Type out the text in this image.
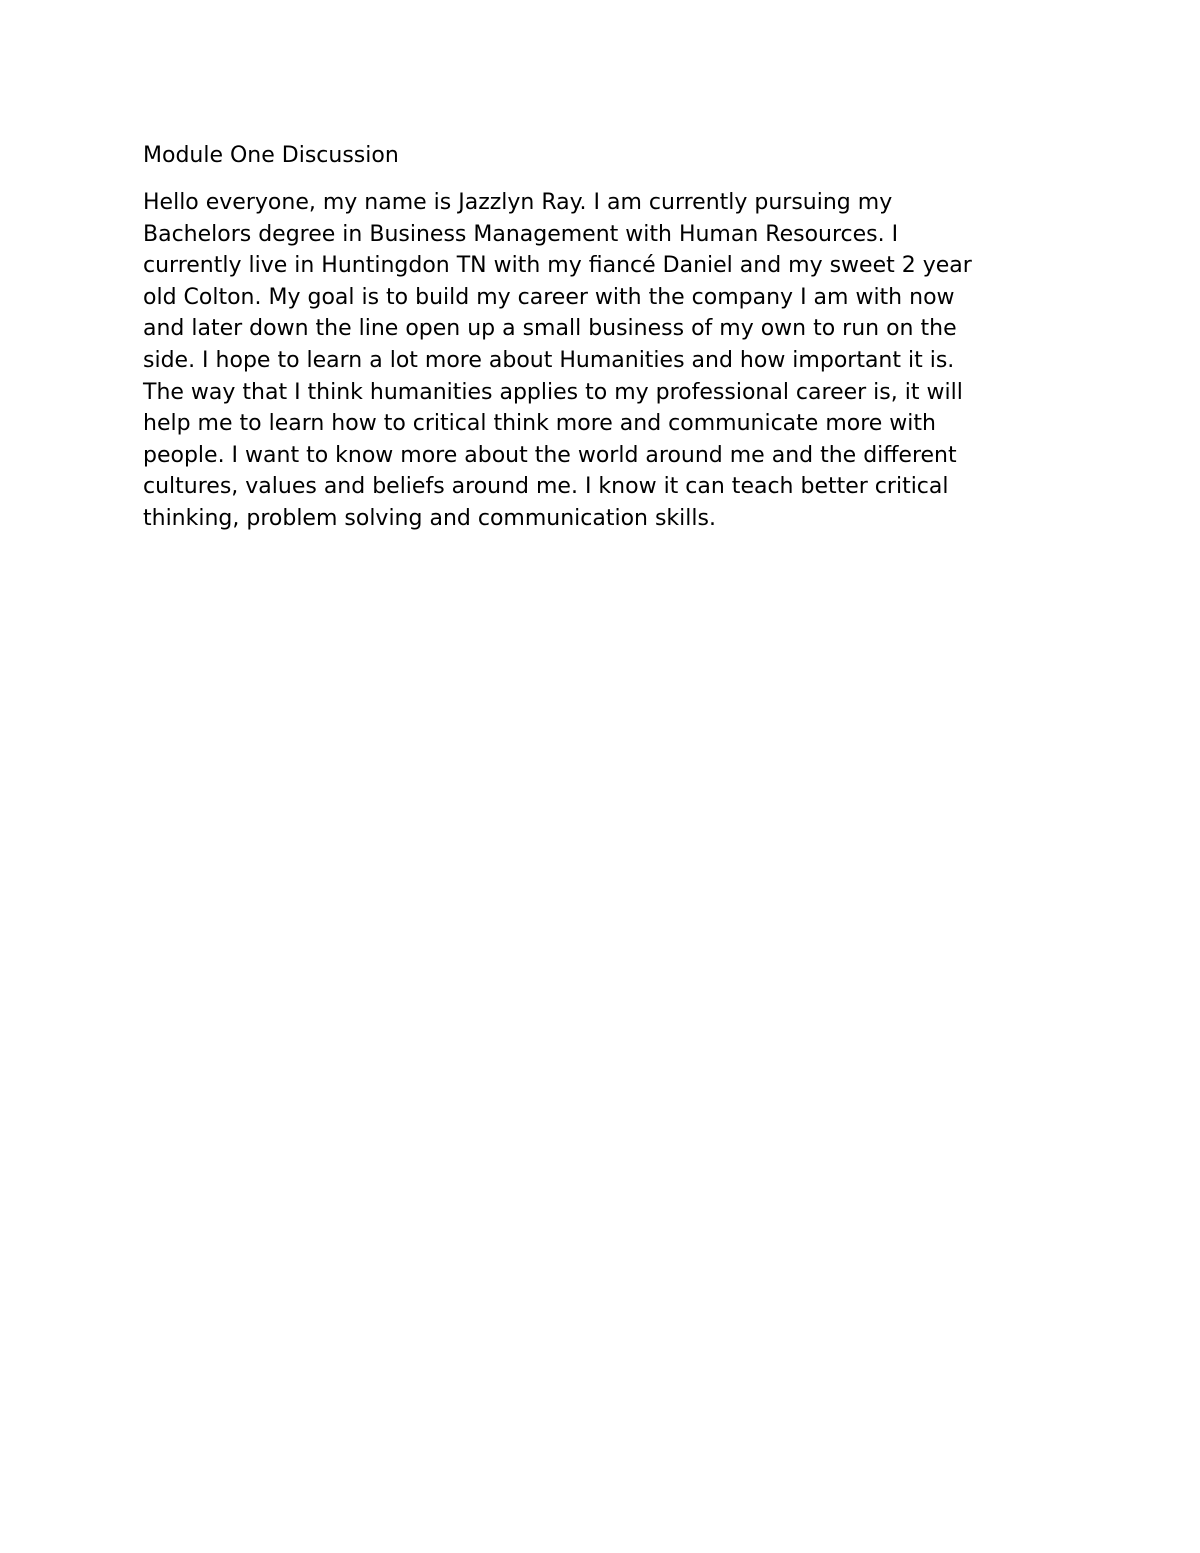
Module One Discussion
Hello everyone, my name is Jazzlyn Ray. I am currently pursuing my
Bachelors degree in Business Management with Human Resources. I
currently live in Huntingdon TN with my fiancé Daniel and my sweet 2 year
old Colton. My goal is to build my career with the company I am with now
and later down the line open up a small business of my own to run on the
side. I hope to learn a lot more about Humanities and how important it is.
The way that I think humanities applies to my professional career is, it will
help me to learn how to critical think more and communicate more with
people. I want to know more about the world around me and the different
cultures, values and beliefs around me. I know it can teach better critical
thinking, problem solving and communication skills.
